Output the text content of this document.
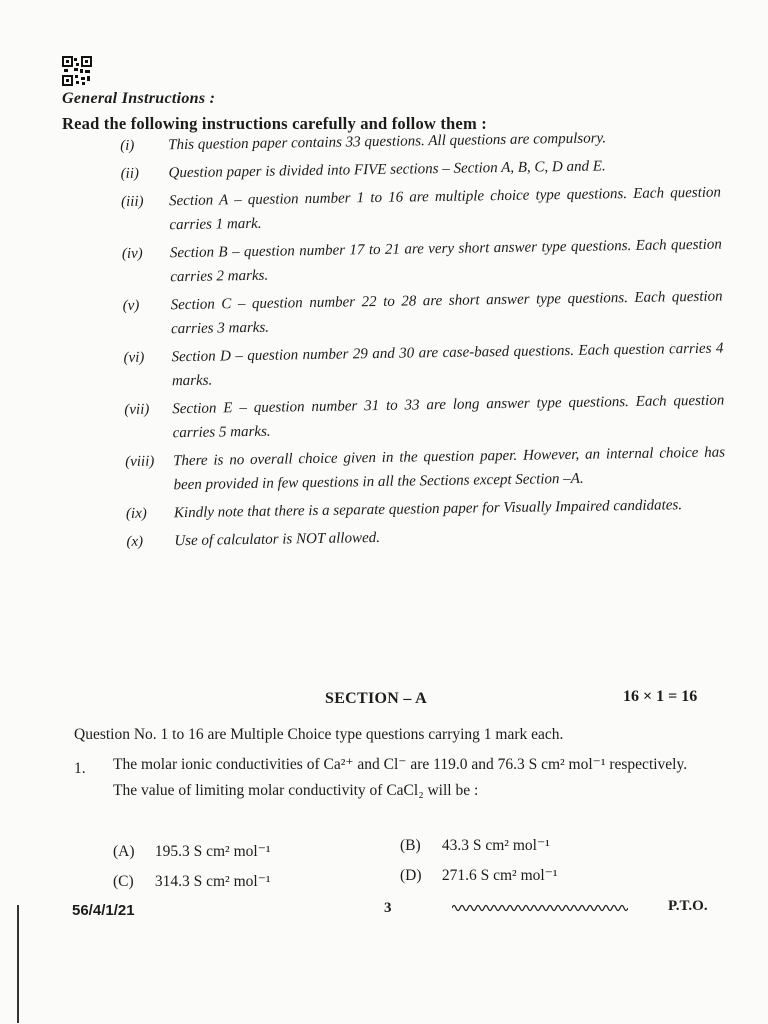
General Instructions :
Read the following instructions carefully and follow them :
(i)	This question paper contains 33 questions. All questions are compulsory.
(ii)	Question paper is divided into FIVE sections – Section A, B, C, D and E.
(iii)	Section A – question number 1 to 16 are multiple choice type questions. Each question carries 1 mark.
(iv)	Section B – question number 17 to 21 are very short answer type questions. Each question carries 2 marks.
(v)	Section C – question number 22 to 28 are short answer type questions. Each question carries 3 marks.
(vi)	Section D – question number 29 and 30 are case-based questions. Each question carries 4 marks.
(vii)	Section E – question number 31 to 33 are long answer type questions. Each question carries 5 marks.
(viii)	There is no overall choice given in the question paper. However, an internal choice has been provided in few questions in all the Sections except Section –A.
(ix)	Kindly note that there is a separate question paper for Visually Impaired candidates.
(x)	Use of calculator is NOT allowed.
SECTION – A	16 × 1 = 16
Question No. 1 to 16 are Multiple Choice type questions carrying 1 mark each.
1. The molar ionic conductivities of Ca²⁺ and Cl⁻ are 119.0 and 76.3 S cm² mol⁻¹ respectively. The value of limiting molar conductivity of CaCl₂ will be :
(A) 195.3 S cm² mol⁻¹	(B) 43.3 S cm² mol⁻¹
(C) 314.3 S cm² mol⁻¹	(D) 271.6 S cm² mol⁻¹
56/4/1/21	3	P.T.O.
